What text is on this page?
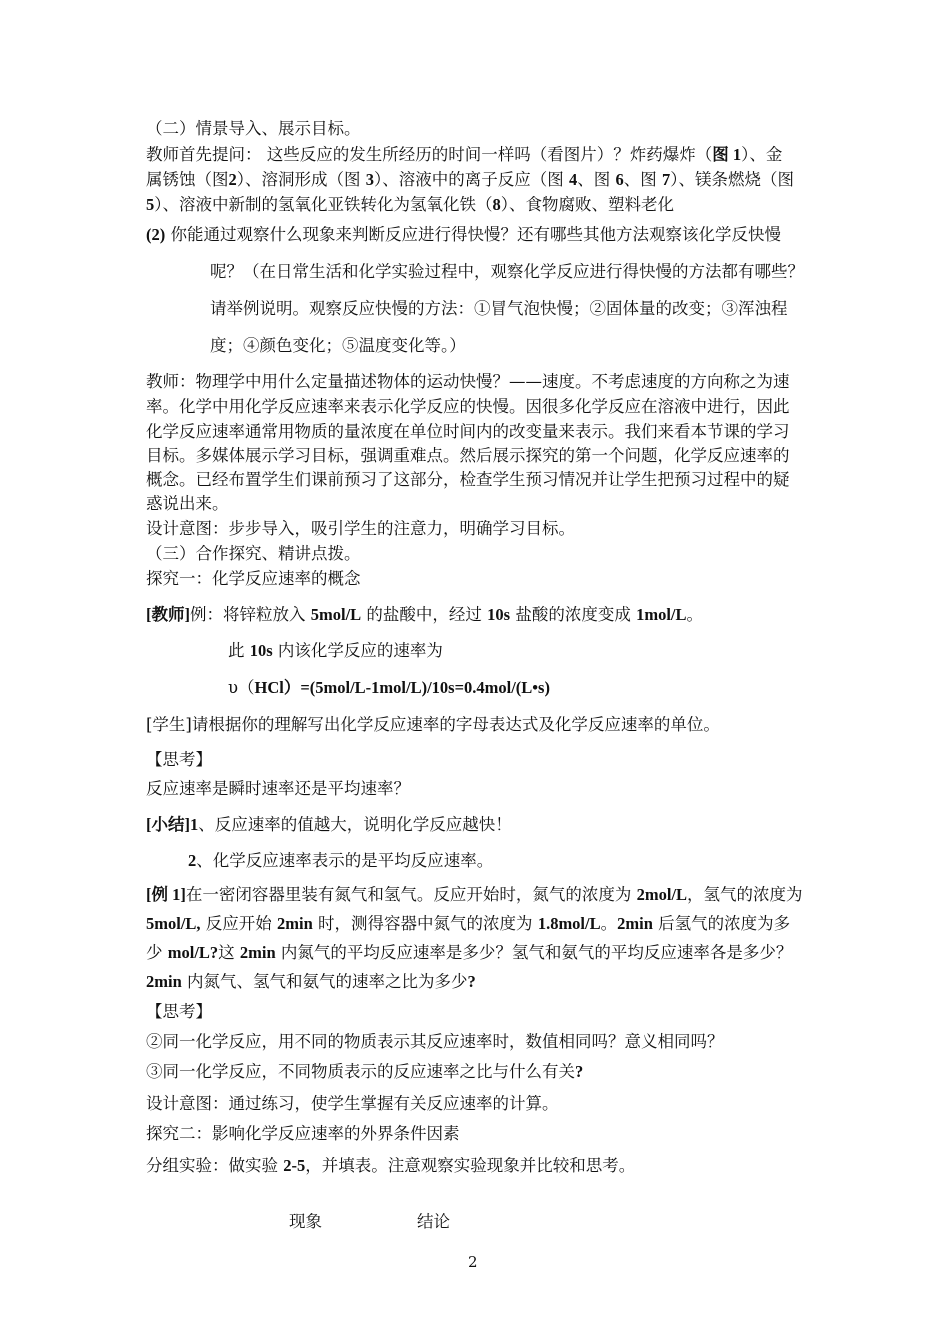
（二）情景导入、展示目标。
教师首先提问： 这些反应的发生所经历的时间一样吗（看图片）？炸药爆炸（图 1）、金
属锈蚀（图2）、溶洞形成（图 3）、溶液中的离子反应（图 4、图 6、图 7）、镁条燃烧（图
5）、溶液中新制的氢氧化亚铁转化为氢氧化铁（8）、食物腐败、塑料老化
(2) 你能通过观察什么现象来判断反应进行得快慢？还有哪些其他方法观察该化学反快慢
呢？（在日常生活和化学实验过程中，观察化学反应进行得快慢的方法都有哪些？
请举例说明。观察反应快慢的方法：①冒气泡快慢；②固体量的改变；③浑浊程
度；④颜色变化；⑤温度变化等。）
教师：物理学中用什么定量描述物体的运动快慢？——速度。不考虑速度的方向称之为速
率。化学中用化学反应速率来表示化学反应的快慢。因很多化学反应在溶液中进行，因此
化学反应速率通常用物质的量浓度在单位时间内的改变量来表示。我们来看本节课的学习
目标。多媒体展示学习目标，强调重难点。然后展示探究的第一个问题，化学反应速率的
概念。已经布置学生们课前预习了这部分，检查学生预习情况并让学生把预习过程中的疑
惑说出来。
设计意图：步步导入，吸引学生的注意力，明确学习目标。
（三）合作探究、精讲点拨。
探究一：化学反应速率的概念
[教师]例：将锌粒放入 5mol/L 的盐酸中，经过 10s 盐酸的浓度变成 1mol/L。
此 10s 内该化学反应的速率为
υ（HCl）=(5mol/L-1mol/L)/10s=0.4mol/(L•s)
[学生]请根据你的理解写出化学反应速率的字母表达式及化学反应速率的单位。
【思考】
反应速率是瞬时速率还是平均速率？
[小结]1、反应速率的值越大，说明化学反应越快！
2、化学反应速率表示的是平均反应速率。
[例 1]在一密闭容器里装有氮气和氢气。反应开始时，氮气的浓度为 2mol/L，氢气的浓度为
5mol/L, 反应开始 2min 时，测得容器中氮气的浓度为 1.8mol/L。2min 后氢气的浓度为多
少 mol/L?这 2min 内氮气的平均反应速率是多少？氢气和氨气的平均反应速率各是多少？
2min 内氮气、氢气和氨气的速率之比为多少?
【思考】
②同一化学反应，用不同的物质表示其反应速率时，数值相同吗？意义相同吗？
③同一化学反应，不同物质表示的反应速率之比与什么有关?
设计意图：通过练习，使学生掌握有关反应速率的计算。
探究二：影响化学反应速率的外界条件因素
分组实验：做实验 2-5，并填表。注意观察实验现象并比较和思考。
现象	结论
2
